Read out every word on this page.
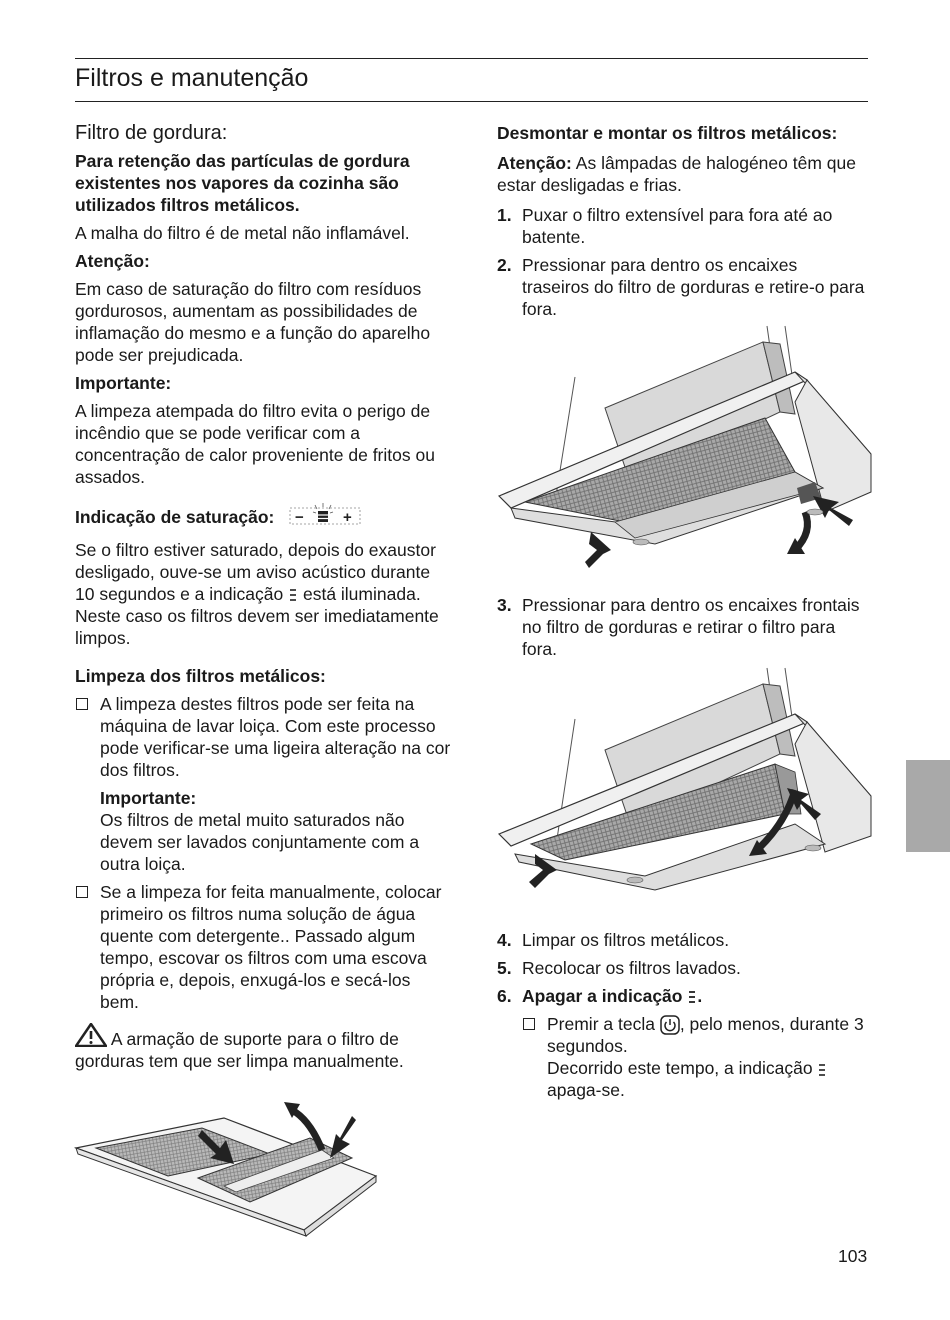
Filtros e manutenção
Filtro de gordura:

Para retenção das partículas de gordura existentes nos vapores da cozinha são utilizados filtros metálicos.

A malha do filtro é de metal não inflamável.

Atenção:

Em caso de saturação do filtro com resíduos gordurosos, aumentam as possibilidades de inflamação do mesmo e a função do aparelho pode ser prejudicada.

Importante:

A limpeza atempada do filtro evita o perigo de incêndio que se pode verificar com a concentração de calor proveniente de fritos ou assados.

Indicação de saturação: −	+

Se o filtro estiver saturado, depois do exaustor desligado, ouve-se um aviso acústico durante 10 segundos e a indicação está iluminada.

Neste caso os filtros devem ser imediatamente limpos.

Limpeza dos filtros metálicos:

A limpeza destes filtros pode ser feita na máquina de lavar loiça. Com este processo pode verificar-se uma ligeira alteração na cor dos filtros.
Importante:
Os filtros de metal muito saturados não devem ser lavados conjuntamente com a outra loiça.
Se a limpeza for feita manualmente, colocar primeiro os filtros numa solução de água quente com detergente.. Passado algum tempo, escovar os filtros com uma escova própria e, depois, enxugá-los e secá-los bem.

A armação de suporte para o filtro de gorduras tem que ser limpa manualmente.

Desmontar e montar os filtros metálicos:

Atenção: As lâmpadas de halogéneo têm que estar desligadas e frias.

1. Puxar o filtro extensível para fora até ao batente.
2. Pressionar para dentro os encaixes traseiros do filtro de gorduras e retire-o para fora.
3. Pressionar para dentro os encaixes frontais no filtro de gorduras e retirar o filtro para fora.
4. Limpar os filtros metálicos.
5. Recolocar os filtros lavados.
6. Apagar a indicação .
Premir a tecla , pelo menos, durante 3 segundos.
Decorrido este tempo, a indicação
apaga-se.
103
